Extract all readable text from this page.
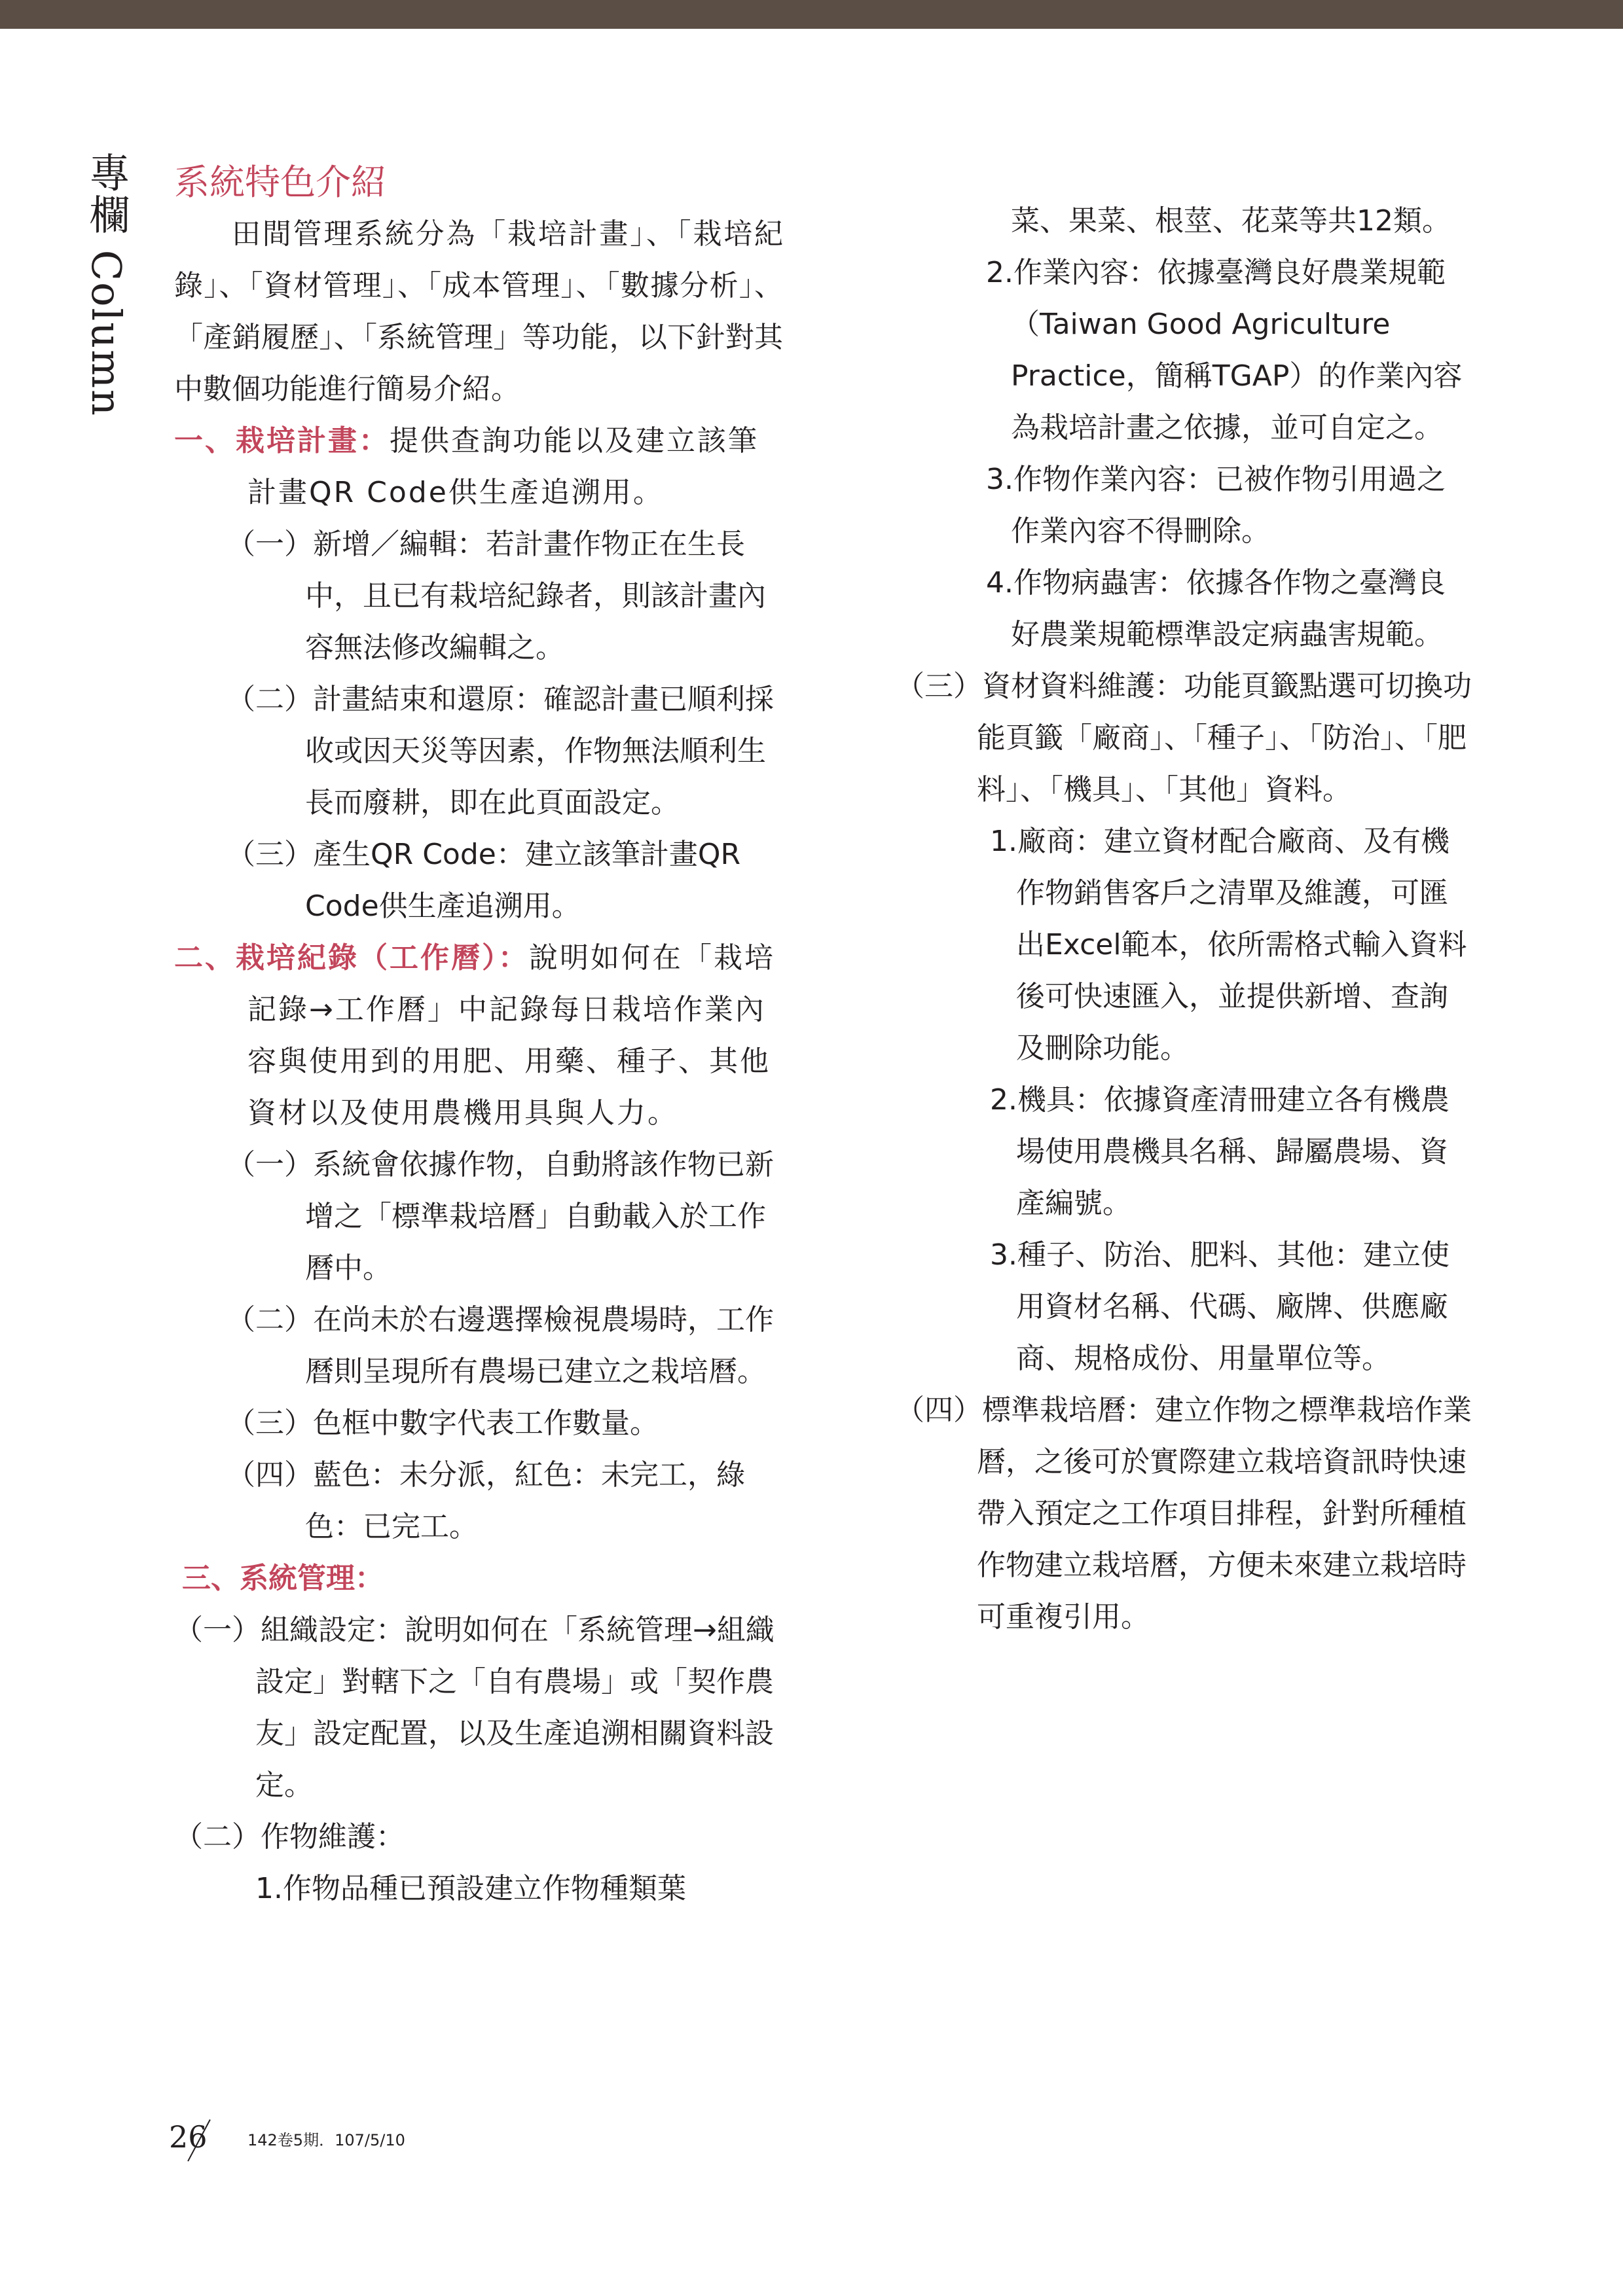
專欄 Column 系統特色介紹

田間管理系統分為「栽培計畫」、「栽培紀錄」、「資材管理」、「成本管理」、「數據分析」、「產銷履歷」、「系統管理」等功能，以下針對其中數個功能進行簡易介紹。

一、栽培計畫：提供查詢功能以及建立該筆計畫QR Code供生產追溯用。

（一）新增／編輯：若計畫作物正在生長中，且已有栽培紀錄者，則該計畫內容無法修改編輯之。

（二）計畫結束和還原：確認計畫已順利採收或因天災等因素，作物無法順利生長而廢耕，即在此頁面設定。

（三）產生QR Code：建立該筆計畫QR Code供生產追溯用。

二、栽培紀錄（工作曆）：說明如何在「栽培記錄→工作曆」中記錄每日栽培作業內容與使用到的用肥、用藥、種子、其他資材以及使用農機用具與人力。

（一）系統會依據作物，自動將該作物已新增之「標準栽培曆」自動載入於工作曆中。

（二）在尚未於右邊選擇檢視農場時，工作曆則呈現所有農場已建立之栽培曆。

（三）色框中數字代表工作數量。

（四）藍色：未分派，紅色：未完工，綠色：已完工。

三、系統管理：

（一）組織設定：說明如何在「系統管理→組織設定」對轄下之「自有農場」或「契作農友」設定配置，以及生產追溯相關資料設定。

（二）作物維護：

1.作物品種已預設建立作物種類葉

菜、果菜、根莖、花菜等共12類。

2.作業內容：依據臺灣良好農業規範（Taiwan Good Agriculture Practice，簡稱TGAP）的作業內容為栽培計畫之依據，並可自定之。

3.作物作業內容：已被作物引用過之作業內容不得刪除。

4.作物病蟲害：依據各作物之臺灣良好農業規範標準設定病蟲害規範。

（三）資材資料維護：功能頁籤點選可切換功能頁籤「廠商」、「種子」、「防治」、「肥料」、「機具」、「其他」資料。

1.廠商：建立資材配合廠商、及有機作物銷售客戶之清單及維護，可匯出Excel範本，依所需格式輸入資料後可快速匯入，並提供新增、查詢及刪除功能。

2.機具：依據資產清冊建立各有機農場使用農機具名稱、歸屬農場、資產編號。

3.種子、防治、肥料、其他：建立使用資材名稱、代碼、廠牌、供應廠商、規格成份、用量單位等。

（四）標準栽培曆：建立作物之標準栽培作業曆，之後可於實際建立栽培資訊時快速帶入預定之工作項目排程，針對所種植作物建立栽培曆，方便未來建立栽培時可重複引用。

26	142卷5期．107/5/10
